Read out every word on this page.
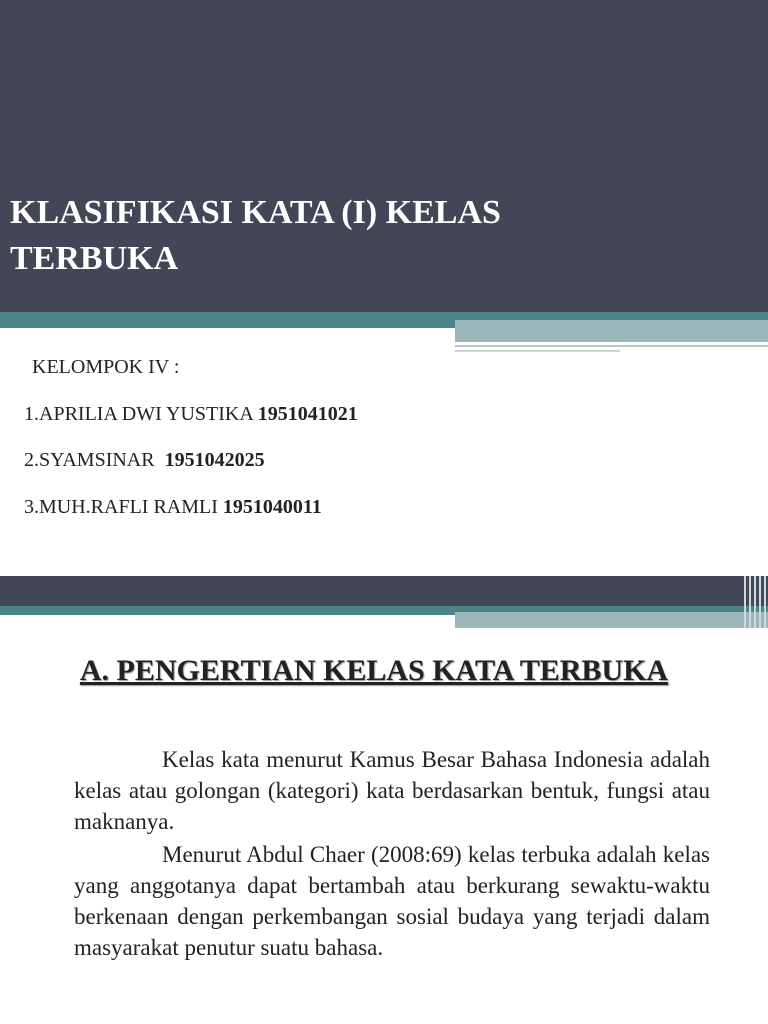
KLASIFIKASI KATA (I) KELAS TERBUKA
KELOMPOK IV :
1.APRILIA DWI YUSTIKA 1951041021
2.SYAMSINAR 1951042025
3.MUH.RAFLI RAMLI 1951040011
A. PENGERTIAN KELAS KATA TERBUKA

Kelas kata menurut Kamus Besar Bahasa Indonesia adalah kelas atau golongan (kategori) kata berdasarkan bentuk, fungsi atau maknanya.

Menurut Abdul Chaer (2008:69) kelas terbuka adalah kelas yang anggotanya dapat bertambah atau berkurang sewaktu-waktu berkenaan dengan perkembangan sosial budaya yang terjadi dalam masyarakat penutur suatu bahasa.
